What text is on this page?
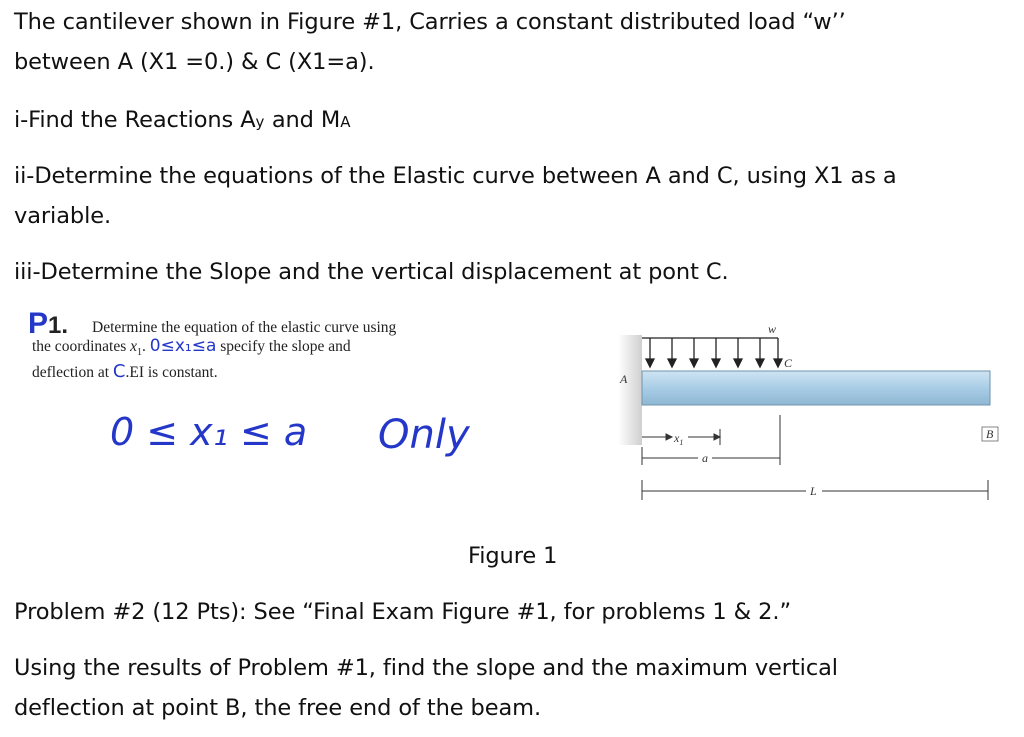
The cantilever shown in Figure #1, Carries a constant distributed load “w’’
between A (X1 =0.) & C (X1=a).
i-Find the Reactions Ay and MA
ii-Determine the equations of the Elastic curve between A and C, using X1 as a
variable.
iii-Determine the Slope and the vertical displacement at pont C.
P1.	Determine the equation of the elastic curve using
the coordinates $x_1$. 0≤x₁≤a specify the slope and
deflection at C.EI is constant.
0 ≤ x₁ ≤ a Only
w
C
A
B
$x_1$
a
L
Figure 1
Problem #2 (12 Pts): See “Final Exam Figure #1, for problems 1 & 2.”
Using the results of Problem #1, find the slope and the maximum vertical
deflection at point B, the free end of the beam.
